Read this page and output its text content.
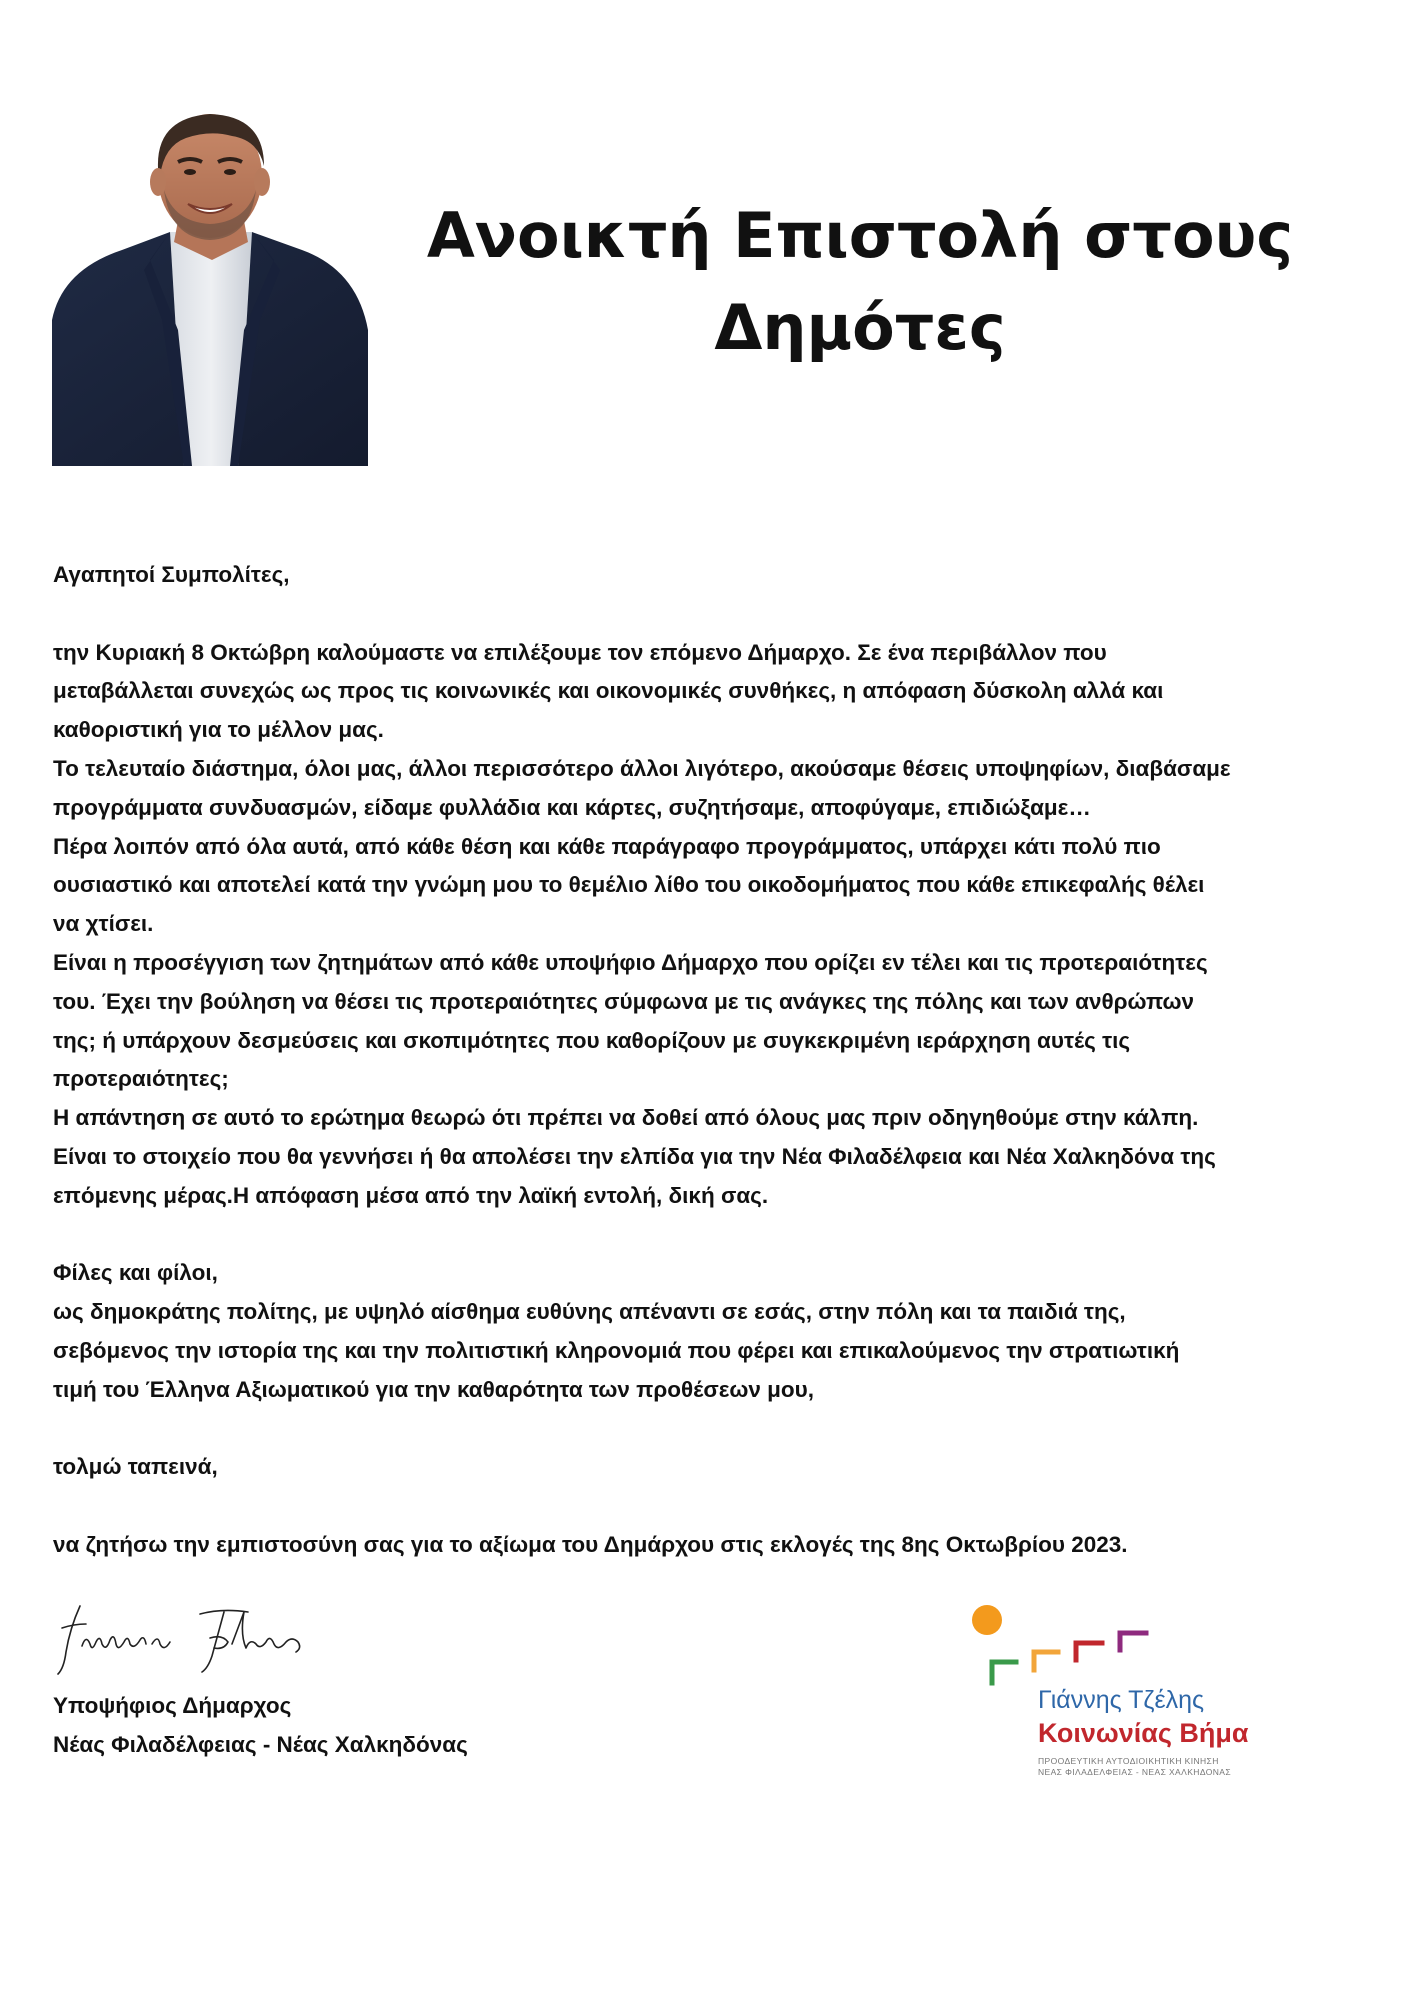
Ανοικτή Επιστολή στους
Δημότες

Αγαπητοί Συμπολίτες,

την Κυριακή 8 Οκτώβρη καλούμαστε να επιλέξουμε τον επόμενο Δήμαρχο. Σε ένα περιβάλλον που
μεταβάλλεται συνεχώς ως προς τις κοινωνικές και οικονομικές συνθήκες, η απόφαση δύσκολη αλλά και
καθοριστική για το μέλλον μας.
Το τελευταίο διάστημα, όλοι μας, άλλοι περισσότερο άλλοι λιγότερο, ακούσαμε θέσεις υποψηφίων, διαβάσαμε
προγράμματα συνδυασμών, είδαμε φυλλάδια και κάρτες, συζητήσαμε, αποφύγαμε, επιδιώξαμε…
Πέρα λοιπόν από όλα αυτά, από κάθε θέση και κάθε παράγραφο προγράμματος, υπάρχει κάτι πολύ πιο
ουσιαστικό και αποτελεί κατά την γνώμη μου το θεμέλιο λίθο του οικοδομήματος που κάθε επικεφαλής θέλει
να χτίσει.
Είναι η προσέγγιση των ζητημάτων από κάθε υποψήφιο Δήμαρχο που ορίζει εν τέλει και τις προτεραιότητες
του. Έχει την βούληση να θέσει τις προτεραιότητες σύμφωνα με τις ανάγκες της πόλης και των ανθρώπων
της; ή υπάρχουν δεσμεύσεις και σκοπιμότητες που καθορίζουν με συγκεκριμένη ιεράρχηση αυτές τις
προτεραιότητες;
Η απάντηση σε αυτό το ερώτημα θεωρώ ότι πρέπει να δοθεί από όλους μας πριν οδηγηθούμε στην κάλπη.
Είναι το στοιχείο που θα γεννήσει ή θα απολέσει την ελπίδα για την Νέα Φιλαδέλφεια και Νέα Χαλκηδόνα της
επόμενης μέρας.Η απόφαση μέσα από την λαϊκή εντολή, δική σας.

Φίλες και φίλοι,
ως δημοκράτης πολίτης, με υψηλό αίσθημα ευθύνης απέναντι σε εσάς, στην πόλη και τα παιδιά της,
σεβόμενος την ιστορία της και την πολιτιστική κληρονομιά που φέρει και επικαλούμενος την στρατιωτική
τιμή του Έλληνα Αξιωματικού για την καθαρότητα των προθέσεων μου,

τολμώ ταπεινά,

να ζητήσω την εμπιστοσύνη σας για το αξίωμα του Δημάρχου στις εκλογές της 8ης Οκτωβρίου 2023.

Υποψήφιος Δήμαρχος
Νέας Φιλαδέλφειας - Νέας Χαλκηδόνας
Γιάννης Τζέλης
Κοινωνίας Βήμα
ΠΡΟΟΔΕΥΤΙΚΗ ΑΥΤΟΔΙΟΙΚΗΤΙΚΗ ΚΙΝΗΣΗ
ΝΕΑΣ ΦΙΛΑΔΕΛΦΕΙΑΣ - ΝΕΑΣ ΧΑΛΚΗΔΟΝΑΣ
